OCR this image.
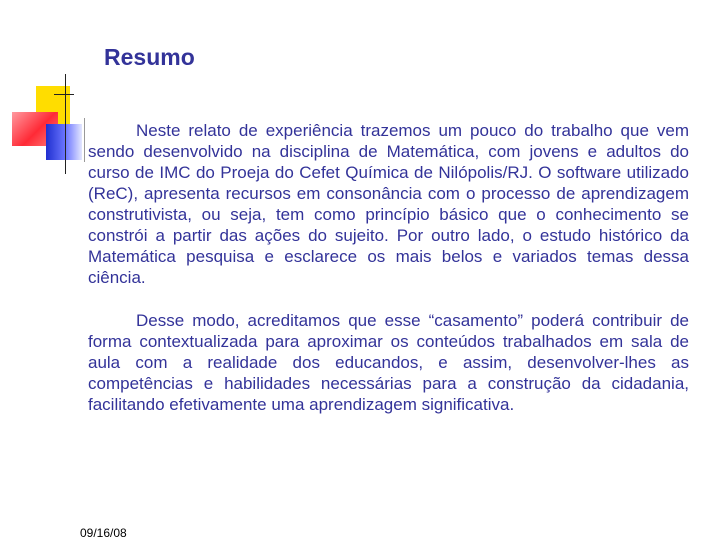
Resumo

Neste relato de experiência trazemos um pouco do trabalho que vem sendo desenvolvido na disciplina de Matemática, com jovens e adultos do curso de IMC do Proeja do Cefet Química de Nilópolis/RJ. O software utilizado (ReC), apresenta recursos em consonância com o processo de aprendizagem construtivista, ou seja, tem como princípio básico que o conhecimento se constrói a partir das ações do sujeito. Por outro lado, o estudo histórico da Matemática pesquisa e esclarece os mais belos e variados temas dessa ciência.

Desse modo, acreditamos que esse “casamento” poderá contribuir de forma contextualizada para aproximar os conteúdos trabalhados em sala de aula com a realidade dos educandos, e assim, desenvolver-lhes as competências e habilidades necessárias para a construção da cidadania, facilitando efetivamente uma aprendizagem significativa.

09/16/08
